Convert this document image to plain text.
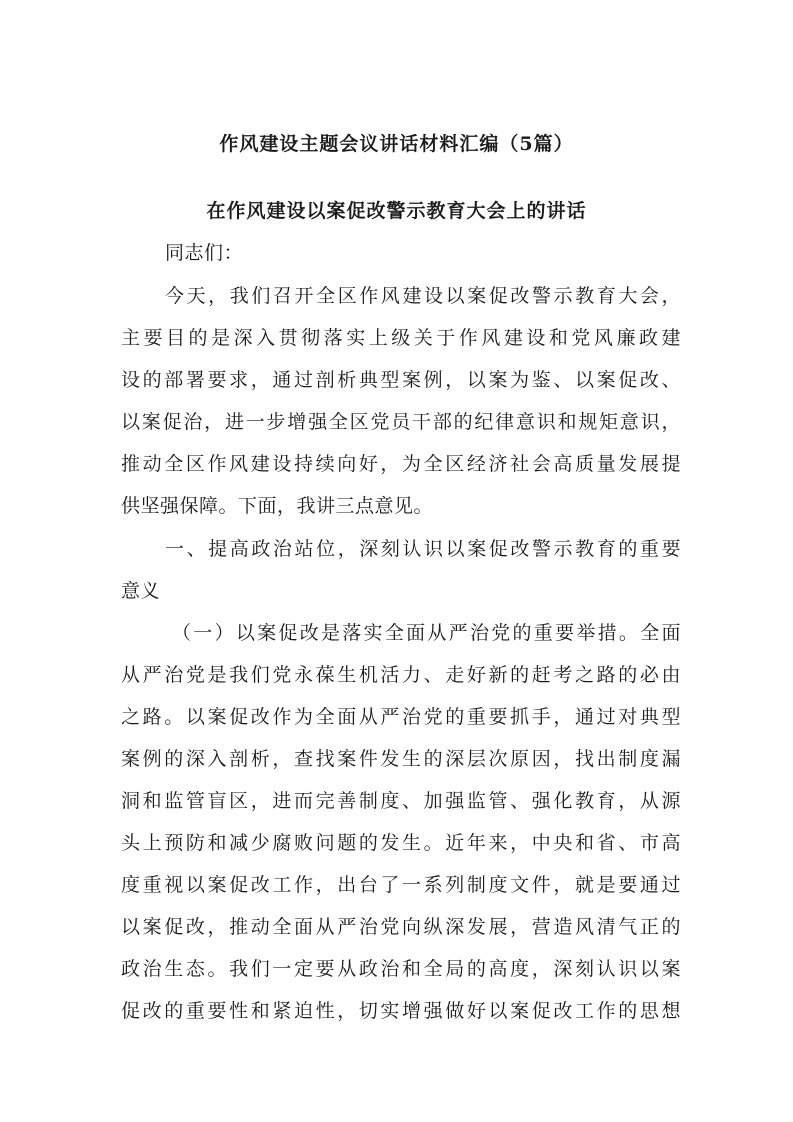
作风建设主题会议讲话材料汇编（5篇）
在作风建设以案促改警示教育大会上的讲话
同志们：
今天，我们召开全区作风建设以案促改警示教育大会，
主要目的是深入贯彻落实上级关于作风建设和党风廉政建
设的部署要求，通过剖析典型案例，以案为鉴、以案促改、
以案促治，进一步增强全区党员干部的纪律意识和规矩意识，
推动全区作风建设持续向好，为全区经济社会高质量发展提
供坚强保障。下面，我讲三点意见。
一、提高政治站位，深刻认识以案促改警示教育的重要
意义
（一）以案促改是落实全面从严治党的重要举措。全面
从严治党是我们党永葆生机活力、走好新的赶考之路的必由
之路。以案促改作为全面从严治党的重要抓手，通过对典型
案例的深入剖析，查找案件发生的深层次原因，找出制度漏
洞和监管盲区，进而完善制度、加强监管、强化教育，从源
头上预防和减少腐败问题的发生。近年来，中央和省、市高
度重视以案促改工作，出台了一系列制度文件，就是要通过
以案促改，推动全面从严治党向纵深发展，营造风清气正的
政治生态。我们一定要从政治和全局的高度，深刻认识以案
促改的重要性和紧迫性，切实增强做好以案促改工作的思想
